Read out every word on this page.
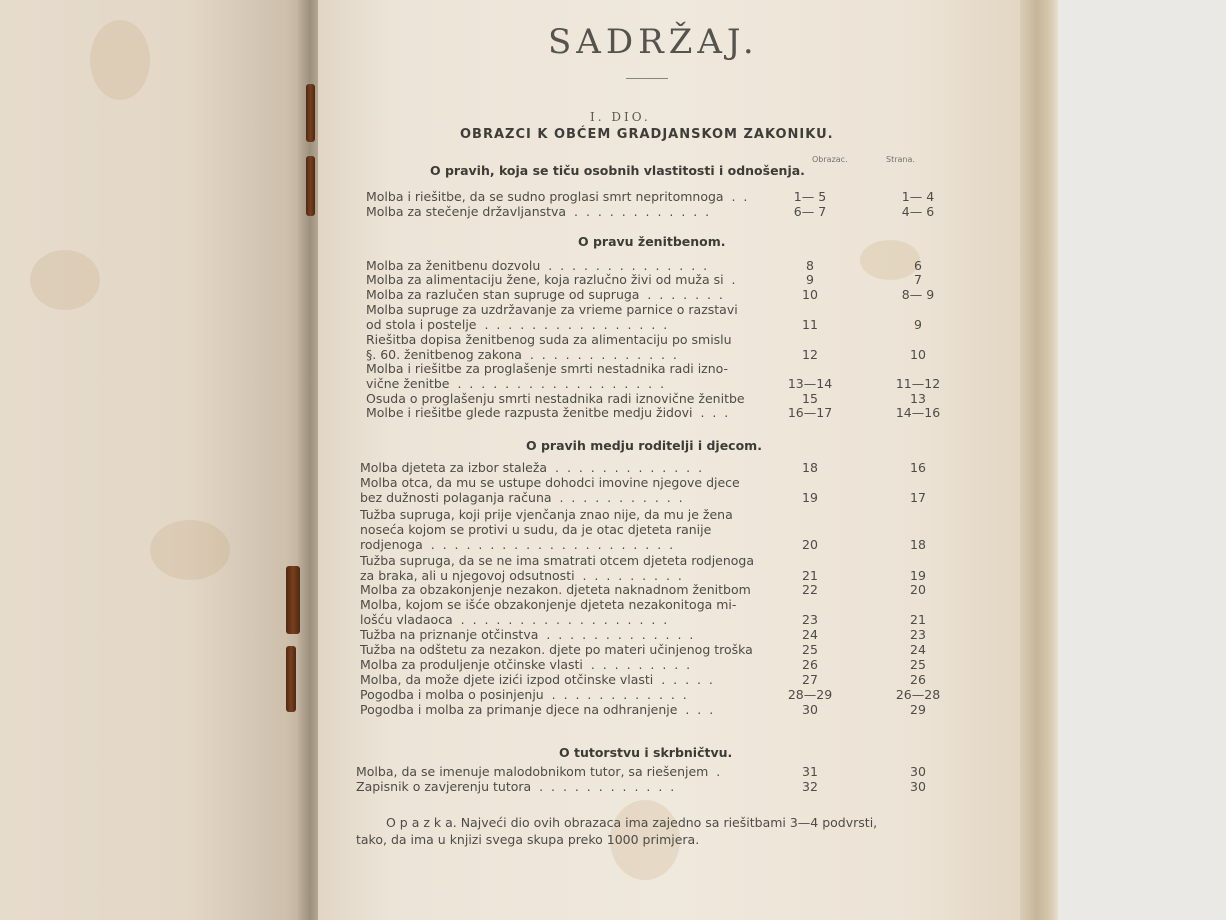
SADRŽAJ.
I. DIO.
OBRAZCI K OBĆEM GRADJANSKOM ZAKONIKU.
Obrazac.	Strana.
O pravih, koja se tiču osobnih vlastitosti i odnošenja.
Molba i riešitbe, da se sudno proglasi smrt nepritomnoga  .  .	1— 5	1— 4
Molba za stečenje državljanstva  .  .  .  .  .  .  .  .  .  .  .  .	6— 7	4— 6
O pravu ženitbenom.
Molba za ženitbenu dozvolu  .  .  .  .  .  .  .  .  .  .  .  .  .  .	8	6
Molba za alimentaciju žene, koja razlučno živi od muža si  .	9	7
Molba za razlučen stan supruge od supruga  .  .  .  .  .  .  .	10	8— 9
Molba supruge za uzdržavanje za vrieme parnice o razstavi
od stola i postelje  .  .  .  .  .  .  .  .  .  .  .  .  .  .  .  .	11	9
Riešitba dopisa ženitbenog suda za alimentaciju po smislu
§. 60. ženitbenog zakona  .  .  .  .  .  .  .  .  .  .  .  .  .	12	10
Molba i riešitbe za proglašenje smrti nestadnika radi izno-
vične ženitbe  .  .  .  .  .  .  .  .  .  .  .  .  .  .  .  .  .  .	13—14	11—12
Osuda o proglašenju smrti nestadnika radi iznovične ženitbe	15	13
Molbe i riešitbe glede razpusta ženitbe medju židovi  .  .  .	16—17	14—16
O pravih medju roditelji i djecom.
Molba djeteta za izbor staleža  .  .  .  .  .  .  .  .  .  .  .  .  .	18	16
Molba otca, da mu se ustupe dohodci imovine njegove djece
bez dužnosti polaganja računa  .  .  .  .  .  .  .  .  .  .  .	19	17
Tužba supruga, koji prije vjenčanja znao nije, da mu je žena
noseća kojom se protivi u sudu, da je otac djeteta ranije
rodjenoga  .  .  .  .  .  .  .  .  .  .  .  .  .  .  .  .  .  .  .  .  .	20	18
Tužba supruga, da se ne ima smatrati otcem djeteta rodjenoga
za braka, ali u njegovoj odsutnosti  .  .  .  .  .  .  .  .  .	21	19
Molba za obzakonjenje nezakon. djeteta naknadnom ženitbom	22	20
Molba, kojom se išće obzakonjenje djeteta nezakonitoga mi-
lošću vladaoca  .  .  .  .  .  .  .  .  .  .  .  .  .  .  .  .  .  .	23	21
Tužba na priznanje otčinstva  .  .  .  .  .  .  .  .  .  .  .  .  .	24	23
Tužba na odštetu za nezakon. djete po materi učinjenog troška	25	24
Molba za produljenje otčinske vlasti  .  .  .  .  .  .  .  .  .	26	25
Molba, da može djete izići izpod otčinske vlasti  .  .  .  .  .	27	26
Pogodba i molba o posinjenju  .  .  .  .  .  .  .  .  .  .  .  .	28—29	26—28
Pogodba i molba za primanje djece na odhranjenje  .  .  .	30	29
O tutorstvu i skrbničtvu.
Molba, da se imenuje malodobnikom tutor, sa riešenjem  .	31	30
Zapisnik o zavjerenju tutora  .  .  .  .  .  .  .  .  .  .  .  .	32	30
O p a z k a. Najveći dio ovih obrazaca ima zajedno sa riešitbami 3—4 podvrsti,
tako, da ima u knjizi svega skupa preko 1000 primjera.
